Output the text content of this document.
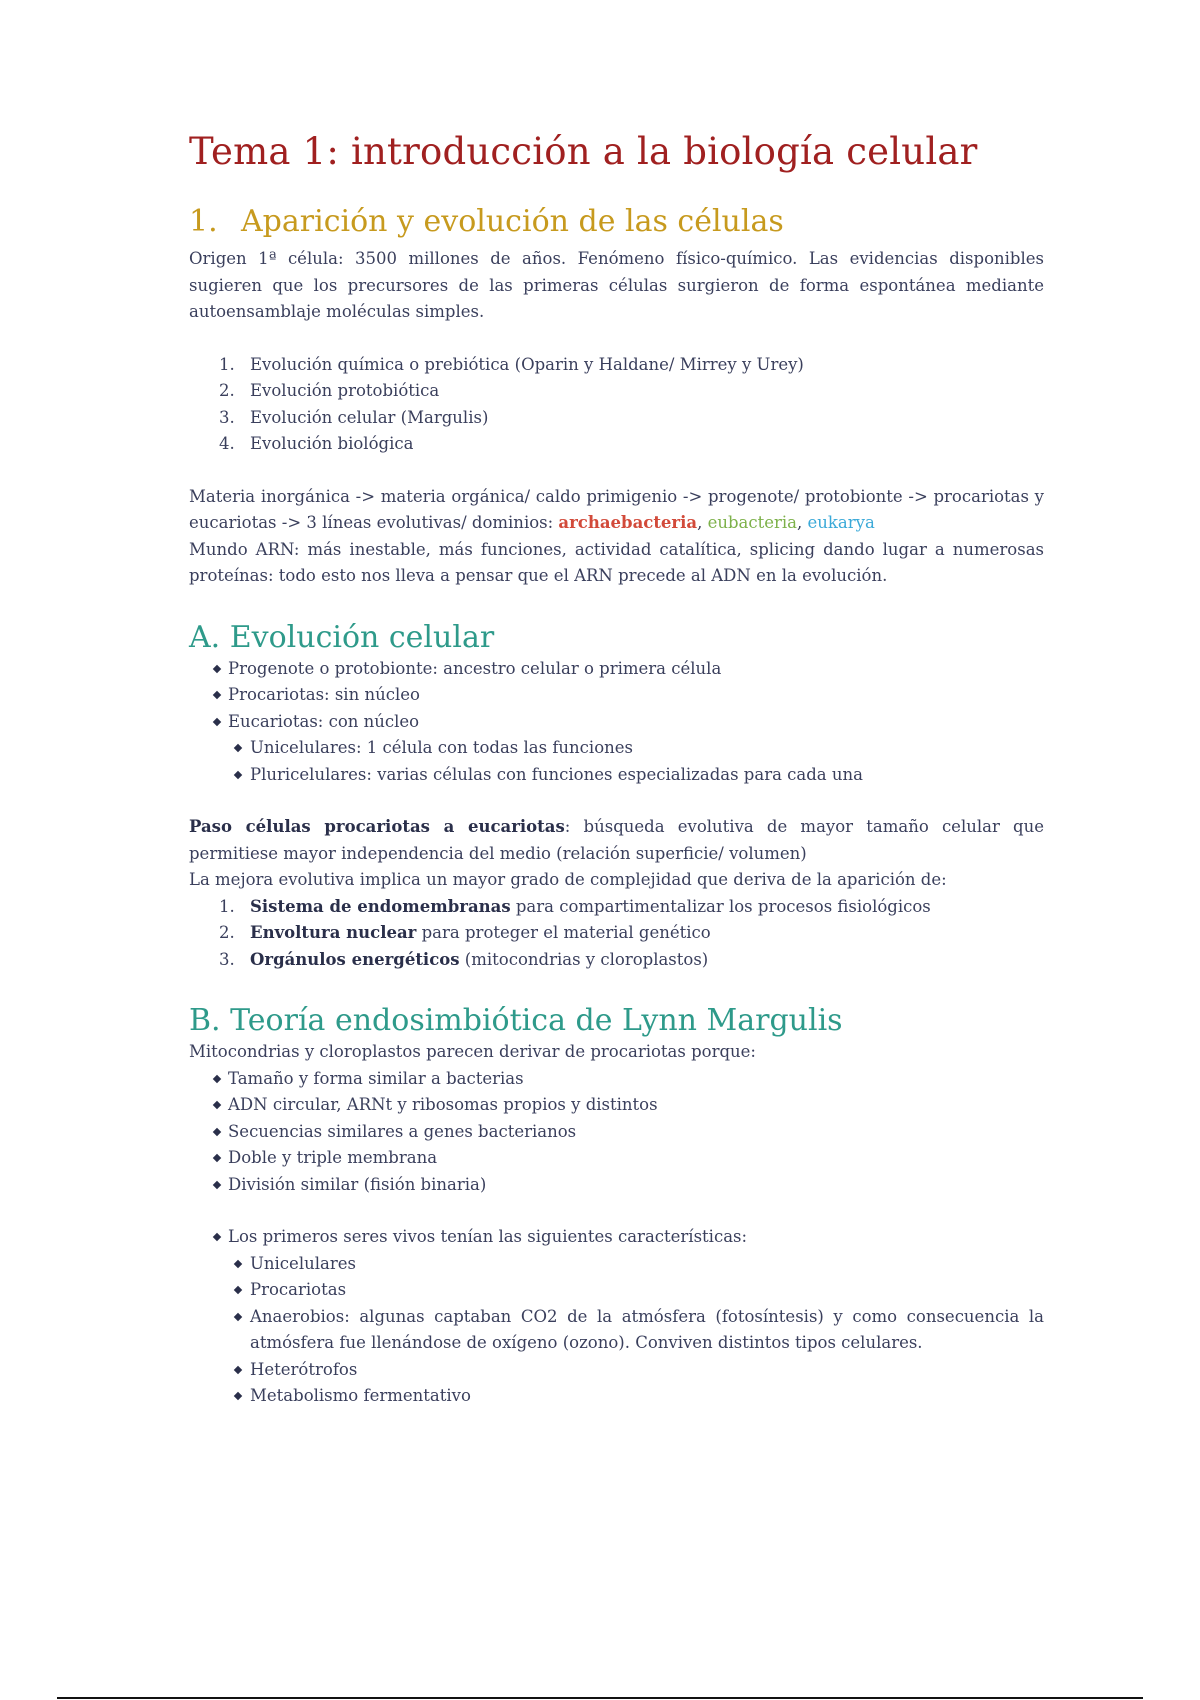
Tema 1: introducción a la biología celular
1. Aparición y evolución de las células

Origen 1ª célula: 3500 millones de años. Fenómeno físico-químico. Las evidencias disponibles sugieren que los precursores de las primeras células surgieron de forma espontánea mediante autoensamblaje moléculas simples.

1. Evolución química o prebiótica (Oparin y Haldane/ Mirrey y Urey)
2. Evolución protobiótica
3. Evolución celular (Margulis)
4. Evolución biológica

Materia inorgánica -> materia orgánica/ caldo primigenio -> progenote/ protobionte -> procariotas y eucariotas -> 3 líneas evolutivas/ dominios: archaebacteria, eubacteria, eukarya

Mundo ARN: más inestable, más funciones, actividad catalítica, splicing dando lugar a numerosas proteínas: todo esto nos lleva a pensar que el ARN precede al ADN en la evolución.

A. Evolución celular
Progenote o protobionte: ancestro celular o primera célula
Procariotas: sin núcleo
Eucariotas: con núcleo
Unicelulares: 1 célula con todas las funciones
Pluricelulares: varias células con funciones especializadas para cada una

Paso células procariotas a eucariotas: búsqueda evolutiva de mayor tamaño celular que permitiese mayor independencia del medio (relación superficie/ volumen)

La mejora evolutiva implica un mayor grado de complejidad que deriva de la aparición de:

1. Sistema de endomembranas para compartimentalizar los procesos fisiológicos
2. Envoltura nuclear para proteger el material genético
3. Orgánulos energéticos (mitocondrias y cloroplastos)
B. Teoría endosimbiótica de Lynn Margulis

Mitocondrias y cloroplastos parecen derivar de procariotas porque:

Tamaño y forma similar a bacterias
ADN circular, ARNt y ribosomas propios y distintos
Secuencias similares a genes bacterianos
Doble y triple membrana
División similar (fisión binaria)
Los primeros seres vivos tenían las siguientes características:
Unicelulares
Procariotas
Anaerobios: algunas captaban CO2 de la atmósfera (fotosíntesis) y como consecuencia la atmósfera fue llenándose de oxígeno (ozono). Conviven distintos tipos celulares.
Heterótrofos
Metabolismo fermentativo
